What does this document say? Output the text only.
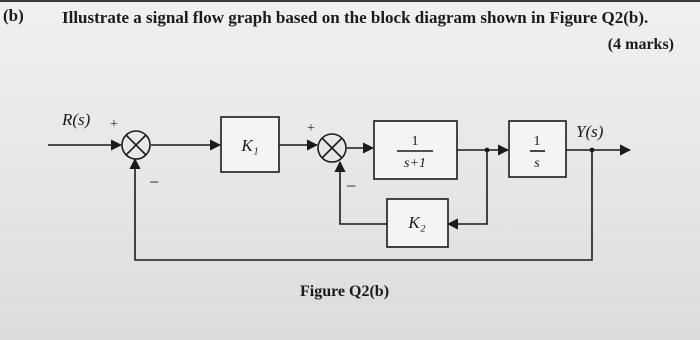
(b) Illustrate a signal flow graph based on the block diagram shown in Figure Q2(b).
(4 marks)
R(s)
Y(s)
+
−
+
−
K₁
K₂
1
s+1
1
s
Figure Q2(b)
